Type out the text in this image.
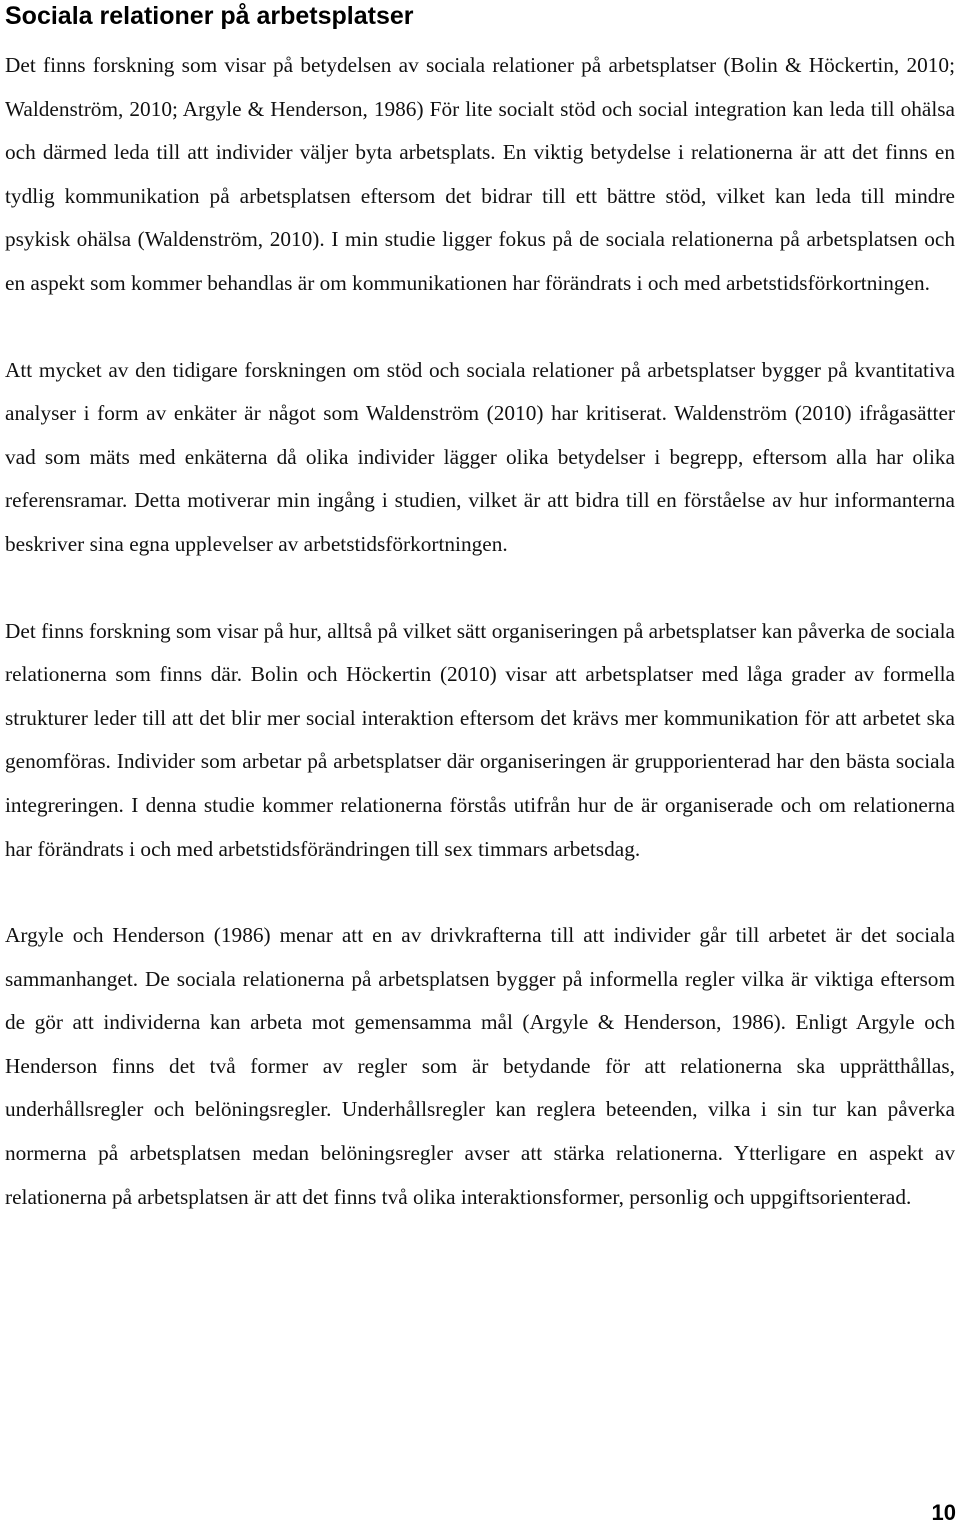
Sociala relationer på arbetsplatser

Det finns forskning som visar på betydelsen av sociala relationer på arbetsplatser (Bolin & Höckertin, 2010; Waldenström, 2010; Argyle & Henderson, 1986) För lite socialt stöd och social integration kan leda till ohälsa och därmed leda till att individer väljer byta arbetsplats. En viktig betydelse i relationerna är att det finns en tydlig kommunikation på arbetsplatsen eftersom det bidrar till ett bättre stöd, vilket kan leda till mindre psykisk ohälsa (Waldenström, 2010). I min studie ligger fokus på de sociala relationerna på arbetsplatsen och en aspekt som kommer behandlas är om kommunikationen har förändrats i och med arbetstidsförkortningen.

Att mycket av den tidigare forskningen om stöd och sociala relationer på arbetsplatser bygger på kvantitativa analyser i form av enkäter är något som Waldenström (2010) har kritiserat. Waldenström (2010) ifrågasätter vad som mäts med enkäterna då olika individer lägger olika betydelser i begrepp, eftersom alla har olika referensramar. Detta motiverar min ingång i studien, vilket är att bidra till en förståelse av hur informanterna beskriver sina egna upplevelser av arbetstidsförkortningen.

Det finns forskning som visar på hur, alltså på vilket sätt organiseringen på arbetsplatser kan påverka de sociala relationerna som finns där. Bolin och Höckertin (2010) visar att arbetsplatser med låga grader av formella strukturer leder till att det blir mer social interaktion eftersom det krävs mer kommunikation för att arbetet ska genomföras. Individer som arbetar på arbetsplatser där organiseringen är grupporienterad har den bästa sociala integreringen. I denna studie kommer relationerna förstås utifrån hur de är organiserade och om relationerna har förändrats i och med arbetstidsförändringen till sex timmars arbetsdag.

Argyle och Henderson (1986) menar att en av drivkrafterna till att individer går till arbetet är det sociala sammanhanget. De sociala relationerna på arbetsplatsen bygger på informella regler vilka är viktiga eftersom de gör att individerna kan arbeta mot gemensamma mål (Argyle & Henderson, 1986). Enligt Argyle och Henderson finns det två former av regler som är betydande för att relationerna ska upprätthållas, underhållsregler och belöningsregler. Underhållsregler kan reglera beteenden, vilka i sin tur kan påverka normerna på arbetsplatsen medan belöningsregler avser att stärka relationerna. Ytterligare en aspekt av relationerna på arbetsplatsen är att det finns två olika interaktionsformer, personlig och uppgiftsorienterad.

10
